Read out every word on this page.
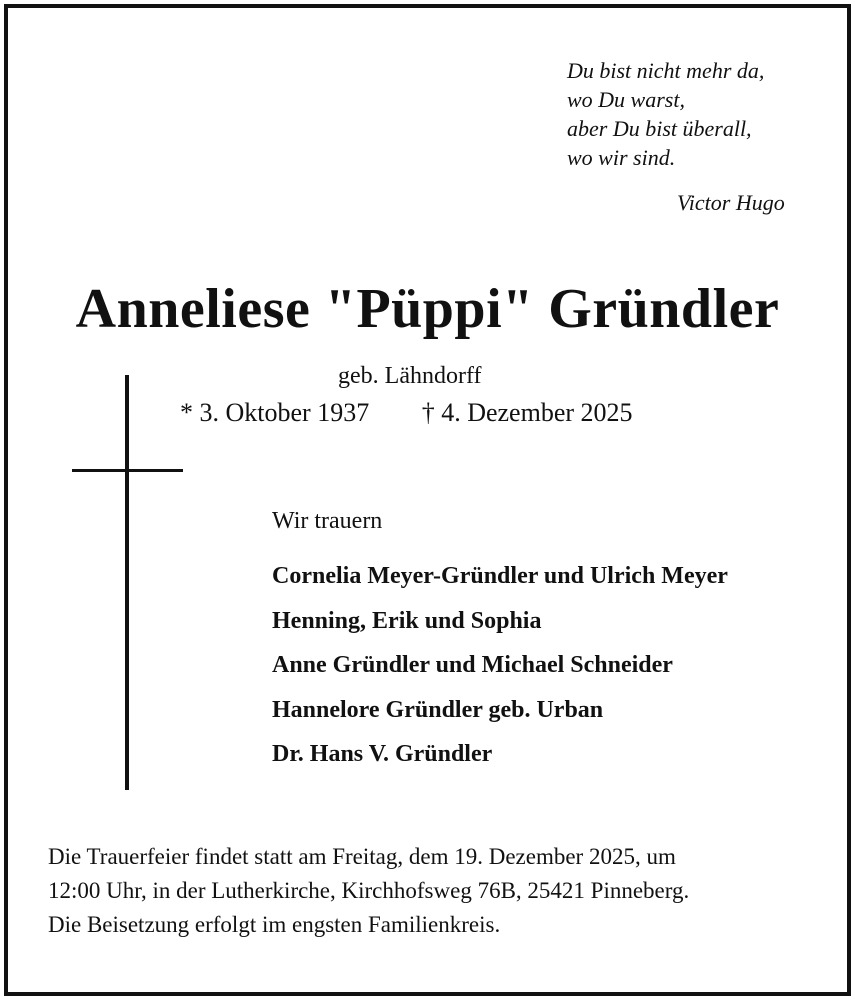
Du bist nicht mehr da,
wo Du warst,
aber Du bist überall,
wo wir sind.
Victor Hugo
Anneliese "Püppi" Gründler
geb. Lähndorff
* 3. Oktober 1937 † 4. Dezember 2025
Wir trauern
Cornelia Meyer-Gründler und Ulrich Meyer
Henning, Erik und Sophia
Anne Gründler und Michael Schneider
Hannelore Gründler geb. Urban
Dr. Hans V. Gründler
Die Trauerfeier findet statt am Freitag, dem 19. Dezember 2025, um
12:00 Uhr, in der Lutherkirche, Kirchhofsweg 76B, 25421 Pinneberg.
Die Beisetzung erfolgt im engsten Familienkreis.
